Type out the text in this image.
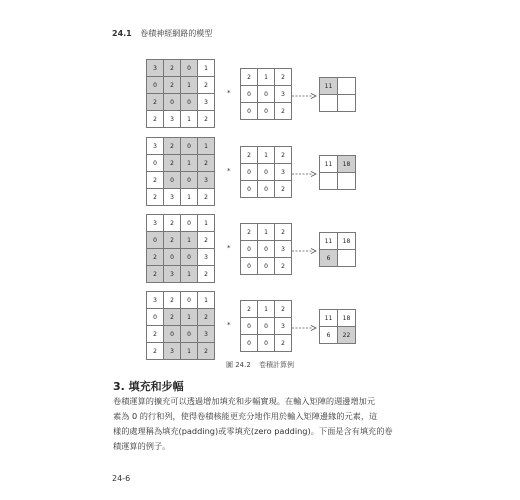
24.1 卷積神經網路的模型
3	2	0	1
0	2	1	2
2	0	0	3
2	3	1	2
*
2	1	2
0	0	3
0	0	2
11
3	2	0	1
0	2	1	2
2	0	0	3
2	3	1	2
*
2	1	2
0	0	3
0	0	2
11	18
3	2	0	1
0	2	1	2
2	0	0	3
2	3	1	2
*
2	1	2
0	0	3
0	0	2
11	18
6
3	2	0	1
0	2	1	2
2	0	0	3
2	3	1	2
*
2	1	2
0	0	3
0	0	2
11	18
6	22
圖 24.2 卷積計算例
3. 填充和步幅
卷積運算的擴充可以透過增加填充和步幅實現。在輸入矩陣的週邊增加元
素為 0 的行和列，使得卷積核能更充分地作用於輸入矩陣邊緣的元素，這
樣的處理稱為填充(padding)或零填充(zero padding)。下面是含有填充的卷
積運算的例子。
24-6
